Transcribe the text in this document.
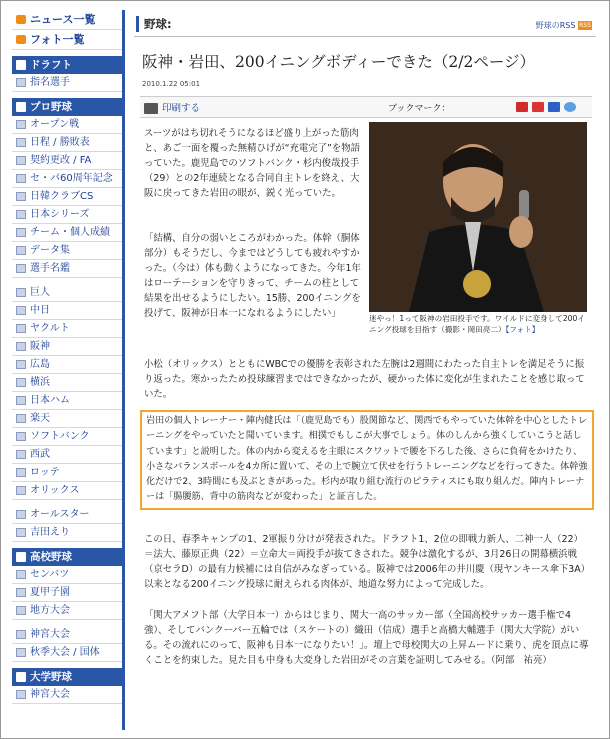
ニュース一覧
フォト一覧
ドラフト
指名選手
プロ野球
オープン戦
日程 / 勝敗表
契約更改 / FA
セ・パ60周年記念
日韓クラブCS
日本シリーズ
チーム・個人成績
データ集
選手名鑑
巨人
中日
ヤクルト
阪神
広島
横浜
日本ハム
楽天
ソフトバンク
西武
ロッテ
オリックス
オールスター
吉田えり
高校野球
センバツ
夏甲子園
地方大会
神宮大会
秋季大会 / 国体
大学野球
神宮大会
野球:	野球のRSS RSS
阪神・岩田、200イニングボディーできた（2/2ページ）
2010.1.22 05:01
印刷する	ブックマーク：
迷やっ！1って阪神の岩田投手です。ワイルドに変身して200イニング投球を目指す（撮影・岡田亮二）【フォト】
スーツがはち切れそうになるほど盛り上がった筋肉と、あご一面を覆った無精ひげが“充電完了”を物語っていた。鹿児島でのソフトバンク・杉内俊哉投手（29）との2年連続となる合同自主トレを終え、大阪に戻ってきた岩田の眼が、鋭く光っていた。
「結構、自分の弱いところがわかった。体幹（胴体部分）もそうだし、今まではどうしても疲れやすかった。（今は）体も動くようになってきた。今年1年はローテーションを守りきって、チームの柱として結果を出せるようにしたい。15勝、200イニングを投げて、阪神が日本一になれるようにしたい」
小松（オリックス）とともにWBCでの優勝を表彰された左腕は2週間にわたった自主トレを満足そうに振り返った。寒かったため投球練習まではできなかったが、硬かった体に変化が生まれたことを感じ取っていた。
岩田の個人トレーナー・陣内健氏は「（鹿児島でも）股関節など、関西でもやっていた体幹を中心としたトレーニングをやっていたと聞いています。相撲でもしこが大事でしょう。体のしんから強くしていこうと話しています」と説明した。体の内から変えるを主眼にスクワットで腰を下ろした後、さらに負荷をかけたり、小さなバランスボールを4カ所に置いて、その上で腕立て伏せを行うトレーニングなどを行ってきた。体幹強化だけで2、3時間にも及ぶときがあった。杉内が取り組む流行のピラティスにも取り組んだ。陣内トレーナーは「腸腰筋、背中の筋肉などが変わった」と証言した。
この日、春季キャンプの1、2軍振り分けが発表された。ドラフト1、2位の即戦力新人、二神一人（22）＝法大、藤原正典（22）＝立命大＝両投手が抜てきされた。競争は激化するが、3月26日の開幕横浜戦（京セラD）の最有力候補には自信がみなぎっている。阪神では2006年の井川慶（現ヤンキース傘下3A）以来となる200イニング投球に耐えられる肉体が、地道な努力によって完成した。
「関大アメフト部（大学日本一）からはじまり、関大一高のサッカー部（全国高校サッカー選手権で4強）、そしてバンクーバー五輪では（スケートの）織田（信成）選手と高橋大輔選手（関大大学院）がいる。その流れにのって、阪神も日本一になりたい！」。壇上で母校関大の上昇ムードに乗り、虎を頂点に導くことを約束した。見た目も中身も大変身した岩田がその言葉を証明してみせる。（阿部　祐亮）
